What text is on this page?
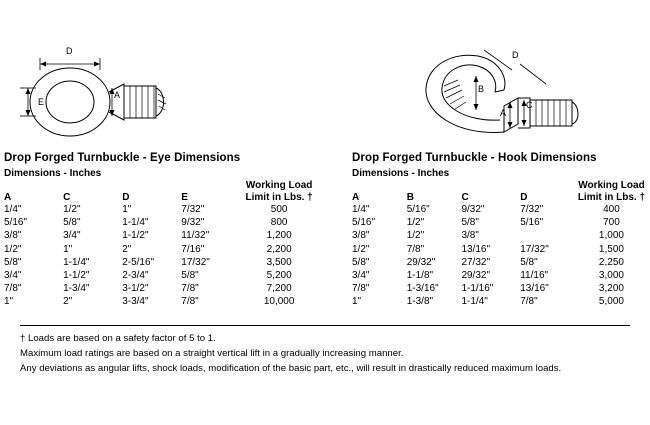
D
E
A
D
B
A
C
Drop Forged Turnbuckle - Eye Dimensions
Dimensions - Inches
A	C	D	E	Working Load
Limit in Lbs. †

1/4"	1/2"	1"	7/32"	500
5/16"	5/8"	1-1/4"	9/32"	800
3/8"	3/4"	1-1/2"	11/32"	1,200
1/2"	1"	2"	7/16"	2,200
5/8"	1-1/4"	2-5/16"	17/32"	3,500
3/4"	1-1/2"	2-3/4"	5/8"	5,200
7/8"	1-3/4"	3-1/2"	7/8"	7,200
1"	2"	3-3/4"	7/8"	10,000
Drop Forged Turnbuckle - Hook Dimensions
Dimensions - Inches
A	B	C	D	Working Load
Limit in Lbs. †

1/4"	5/16"	9/32"	7/32"	400
5/16"	1/2"	5/8"	5/16"	700
3/8"	1/2"	3/8"		1,000
1/2"	7/8"	13/16"	17/32"	1,500
5/8"	29/32"	27/32"	5/8"	2,250
3/4"	1-1/8"	29/32"	11/16"	3,000
7/8"	1-3/16"	1-1/16"	13/16"	3,200
1"	1-3/8"	1-1/4"	7/8"	5,000
† Loads are based on a safety factor of 5 to 1.
Maximum load ratings are based on a straight vertical lift in a gradually increasing manner.
Any deviations as angular lifts, shock loads, modification of the basic part, etc., will result in drastically reduced maximum loads.
